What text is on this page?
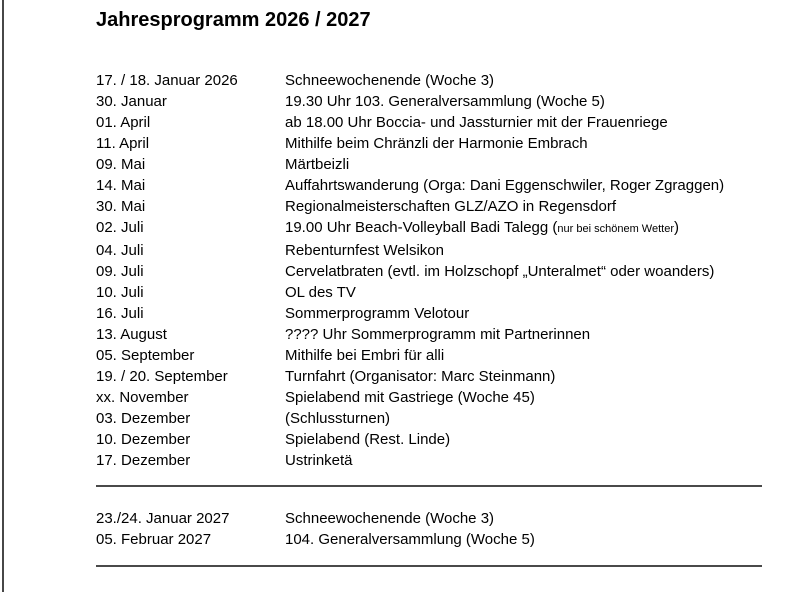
Jahresprogramm 2026 / 2027
17. / 18. Januar 2026	Schneewochenende (Woche 3)
30. Januar	19.30 Uhr 103. Generalversammlung (Woche 5)
01. April	ab 18.00 Uhr Boccia- und Jassturnier mit der Frauenriege
11. April	Mithilfe beim Chränzli der Harmonie Embrach
09. Mai	Märtbeizli
14. Mai	Auffahrtswanderung (Orga: Dani Eggenschwiler, Roger Zgraggen)
30. Mai	Regionalmeisterschaften GLZ/AZO in Regensdorf
02. Juli	19.00 Uhr Beach-Volleyball Badi Talegg (nur bei schönem Wetter)
04. Juli	Rebenturnfest Welsikon
09. Juli	Cervelatbraten (evtl. im Holzschopf „Unteralmet“ oder woanders)
10. Juli	OL des TV
16. Juli	Sommerprogramm Velotour
13. August	???? Uhr Sommerprogramm mit Partnerinnen
05. September	Mithilfe bei Embri für alli
19. / 20. September	Turnfahrt (Organisator: Marc Steinmann)
xx. November	Spielabend mit Gastriege (Woche 45)
03. Dezember	(Schlussturnen)
10. Dezember	Spielabend (Rest. Linde)
17. Dezember	Ustrinketä
23./24. Januar 2027	Schneewochenende (Woche 3)
05. Februar 2027	104. Generalversammlung (Woche 5)
